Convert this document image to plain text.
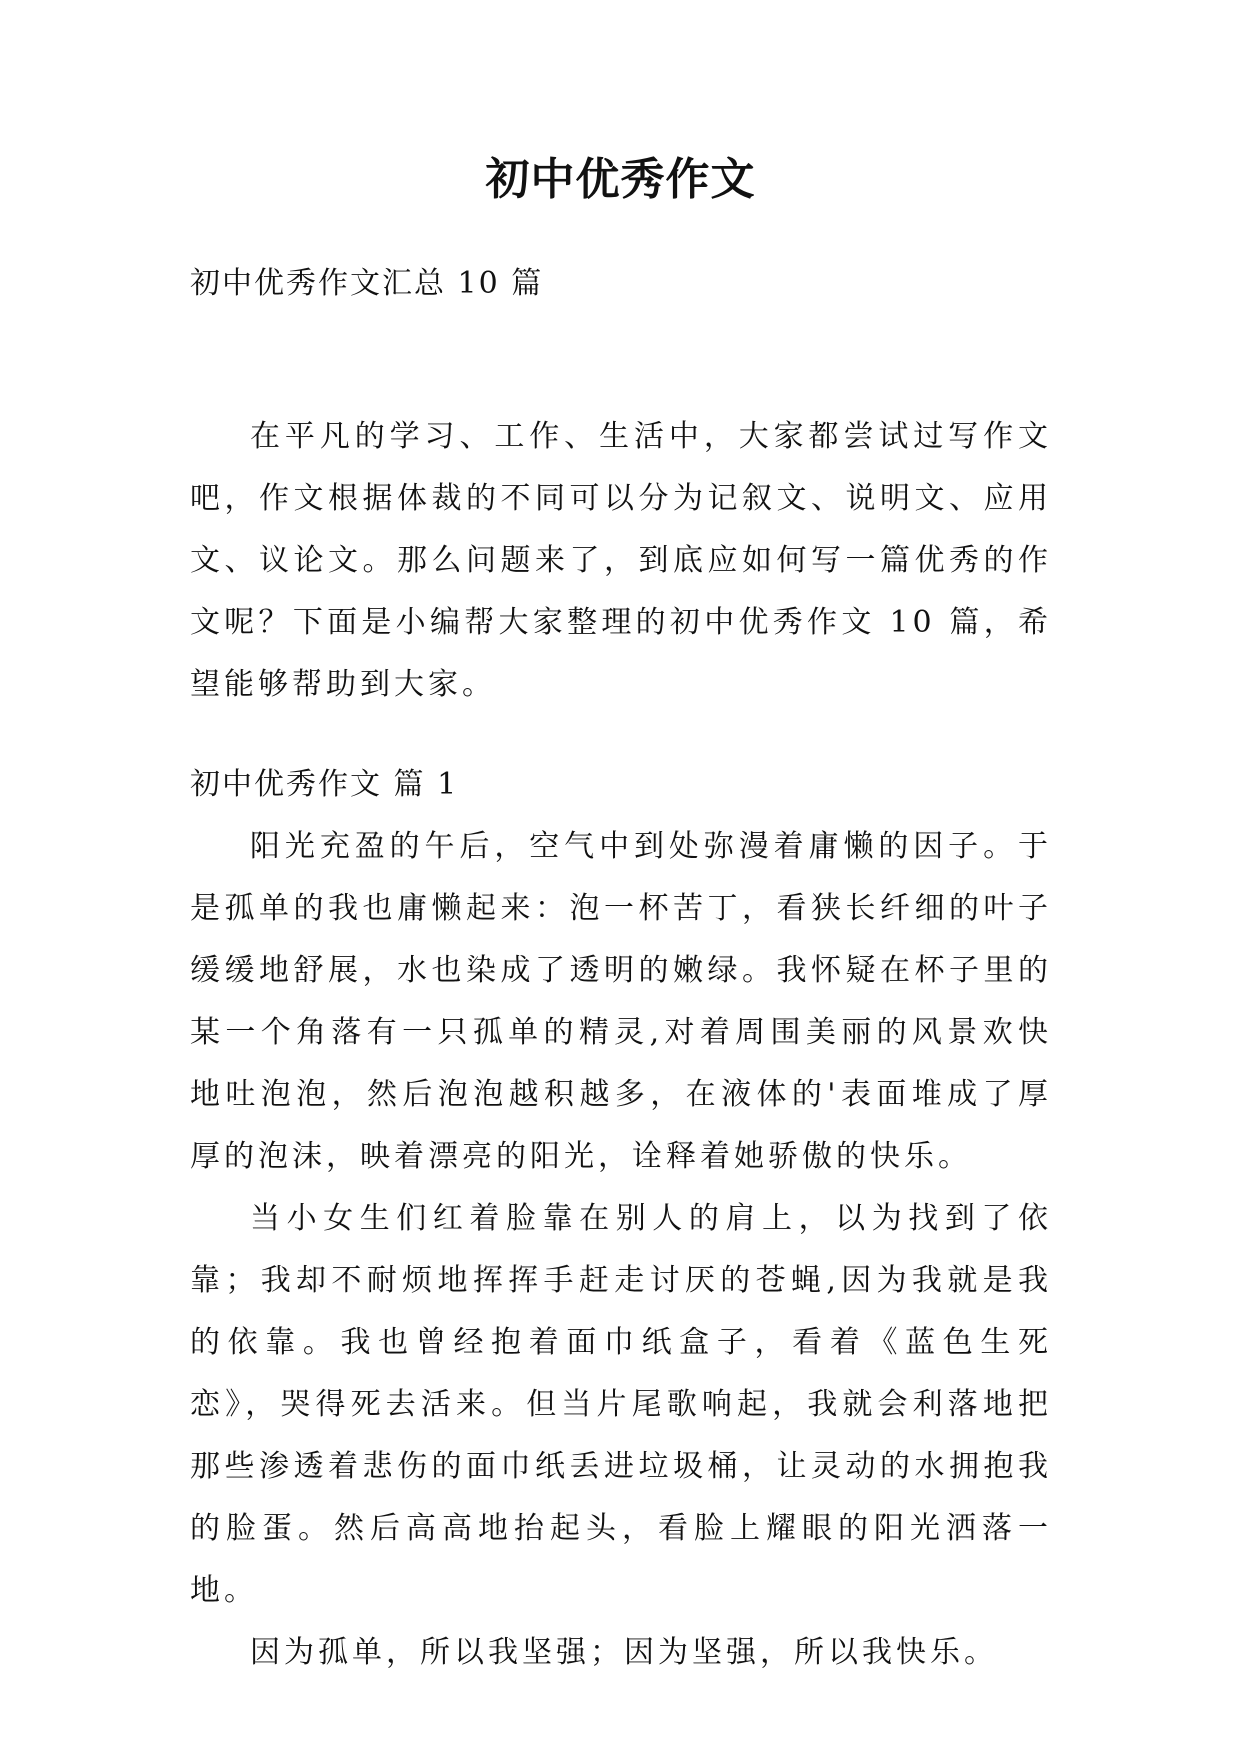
初中优秀作文
初中优秀作文汇总 10 篇

在平凡的学习、工作、生活中，大家都尝试过写作文吧，作文根据体裁的不同可以分为记叙文、说明文、应用文、议论文。那么问题来了，到底应如何写一篇优秀的作文呢？下面是小编帮大家整理的初中优秀作文 10 篇，希望能够帮助到大家。

初中优秀作文 篇 1

阳光充盈的午后，空气中到处弥漫着庸懒的因子。于是孤单的我也庸懒起来：泡一杯苦丁，看狭长纤细的叶子缓缓地舒展，水也染成了透明的嫩绿。我怀疑在杯子里的某一个角落有一只孤单的精灵,对着周围美丽的风景欢快地吐泡泡，然后泡泡越积越多，在液体的'表面堆成了厚厚的泡沫，映着漂亮的阳光，诠释着她骄傲的快乐。

当小女生们红着脸靠在别人的肩上，以为找到了依靠；我却不耐烦地挥挥手赶走讨厌的苍蝇,因为我就是我的依靠。我也曾经抱着面巾纸盒子，看着《蓝色生死恋》，哭得死去活来。但当片尾歌响起，我就会利落地把那些渗透着悲伤的面巾纸丢进垃圾桶，让灵动的水拥抱我的脸蛋。然后高高地抬起头，看脸上耀眼的阳光洒落一地。

因为孤单，所以我坚强；因为坚强，所以我快乐。
